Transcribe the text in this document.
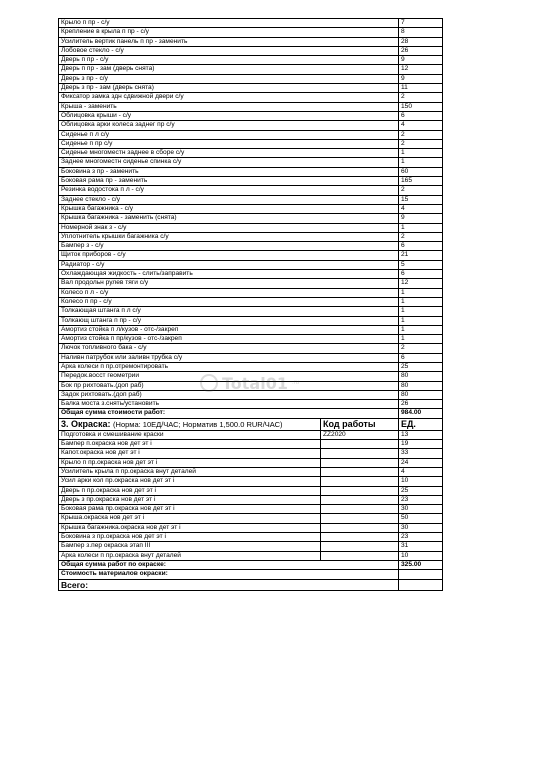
Крыло п пр - с/у		7
Крепление в крыла п пр - с/у		8
Усилитель вертик панель п пр - заменить		28
Лобовое стекло - с/у		26
Дверь п пр - с/у		9
Дверь п пр - зам (дверь снята)		12
Дверь з пр - с/у		9
Дверь з пр - зам (дверь снята)		11
Фиксатор замка здн сдвижной двери с/у		2
Крыша - заменить		150
Облицовка крыши - с/у		6
Облицовка арки колеса заднег пр с/у		4
Сиденье п л с/у		2
Сиденье п пр с/у		2
Сиденье многоместн заднее в сборе с/у		1
Заднее многоместн сиденье спинка с/у		1
Боковина з пр - заменить		60
Боковая рама пр - заменить		165
Резинка водостока п л - с/у		2
Заднее стекло - с/у		15
Крышка багажника - с/у		4
Крышка багажника - заменить (снята)		9
Номерной знак з - с/у		1
Уплотнитель крышки багажника с/у		2
Бампер з - с/у		6
Щиток приборов - с/у		21
Радиатор - с/у		5
Охлаждающая жидкость - слить/заправить		6
Вал продольн рулев тяги с/у		12
Колесо п л - с/у		1
Колесо п пр - с/у		1
Толкающая штанга п л с/у		1
Толкающ штанга п пр - с/у		1
Амортиз стойка п л/кузов - отс-/закреп		1
Амортиз стойка п пр/кузов - отс-/закреп		1
Лючок топливного бака - с/у		2
Наливн патрубок или заливн трубка с/у		6
Арка колеси п пр.отремонтировать		25
Передок.восст геометрии		80
Бок пр рихтовать.(доп раб)		80
Задок рихтовать.(доп раб)		80
Балка моста з.снять/установить		26
Общая сумма стоимости работ:		984.00
3. Окраска: (Норма: 10ЕД/ЧАС; Норматив 1,500.0 RUR/ЧАС)	Код работы	ЕД.
Подготовка и смешивание краски	ZZ2020	13
Бампер п.окраска нов дет эт i		19
Капот.окраска нов дет эт i		33
Крыло п пр.окраска нов дет эт i		24
Усилитель крыла п пр.окраска внут деталей		4
Усил арки кол пр.окраска нов дет эт i		10
Дверь п пр.окраска нов дет эт i		25
Дверь з пр.окраска нов дет эт i		23
Боковая рама пр.окраска нов дет эт i		30
Крыша.окраска нов дет эт i		50
Крышка багажника.окраска нов дет эт i		30
Боковина з пр.окраска нов дет эт i		23
Бампер з.пер окраска этап III		31
Арка колеси п пр.окраска внут деталей		10
Общая сумма работ по окраске:		325.00
Стоимость материалов окраски:		
Всего:		
Total01 .ru
